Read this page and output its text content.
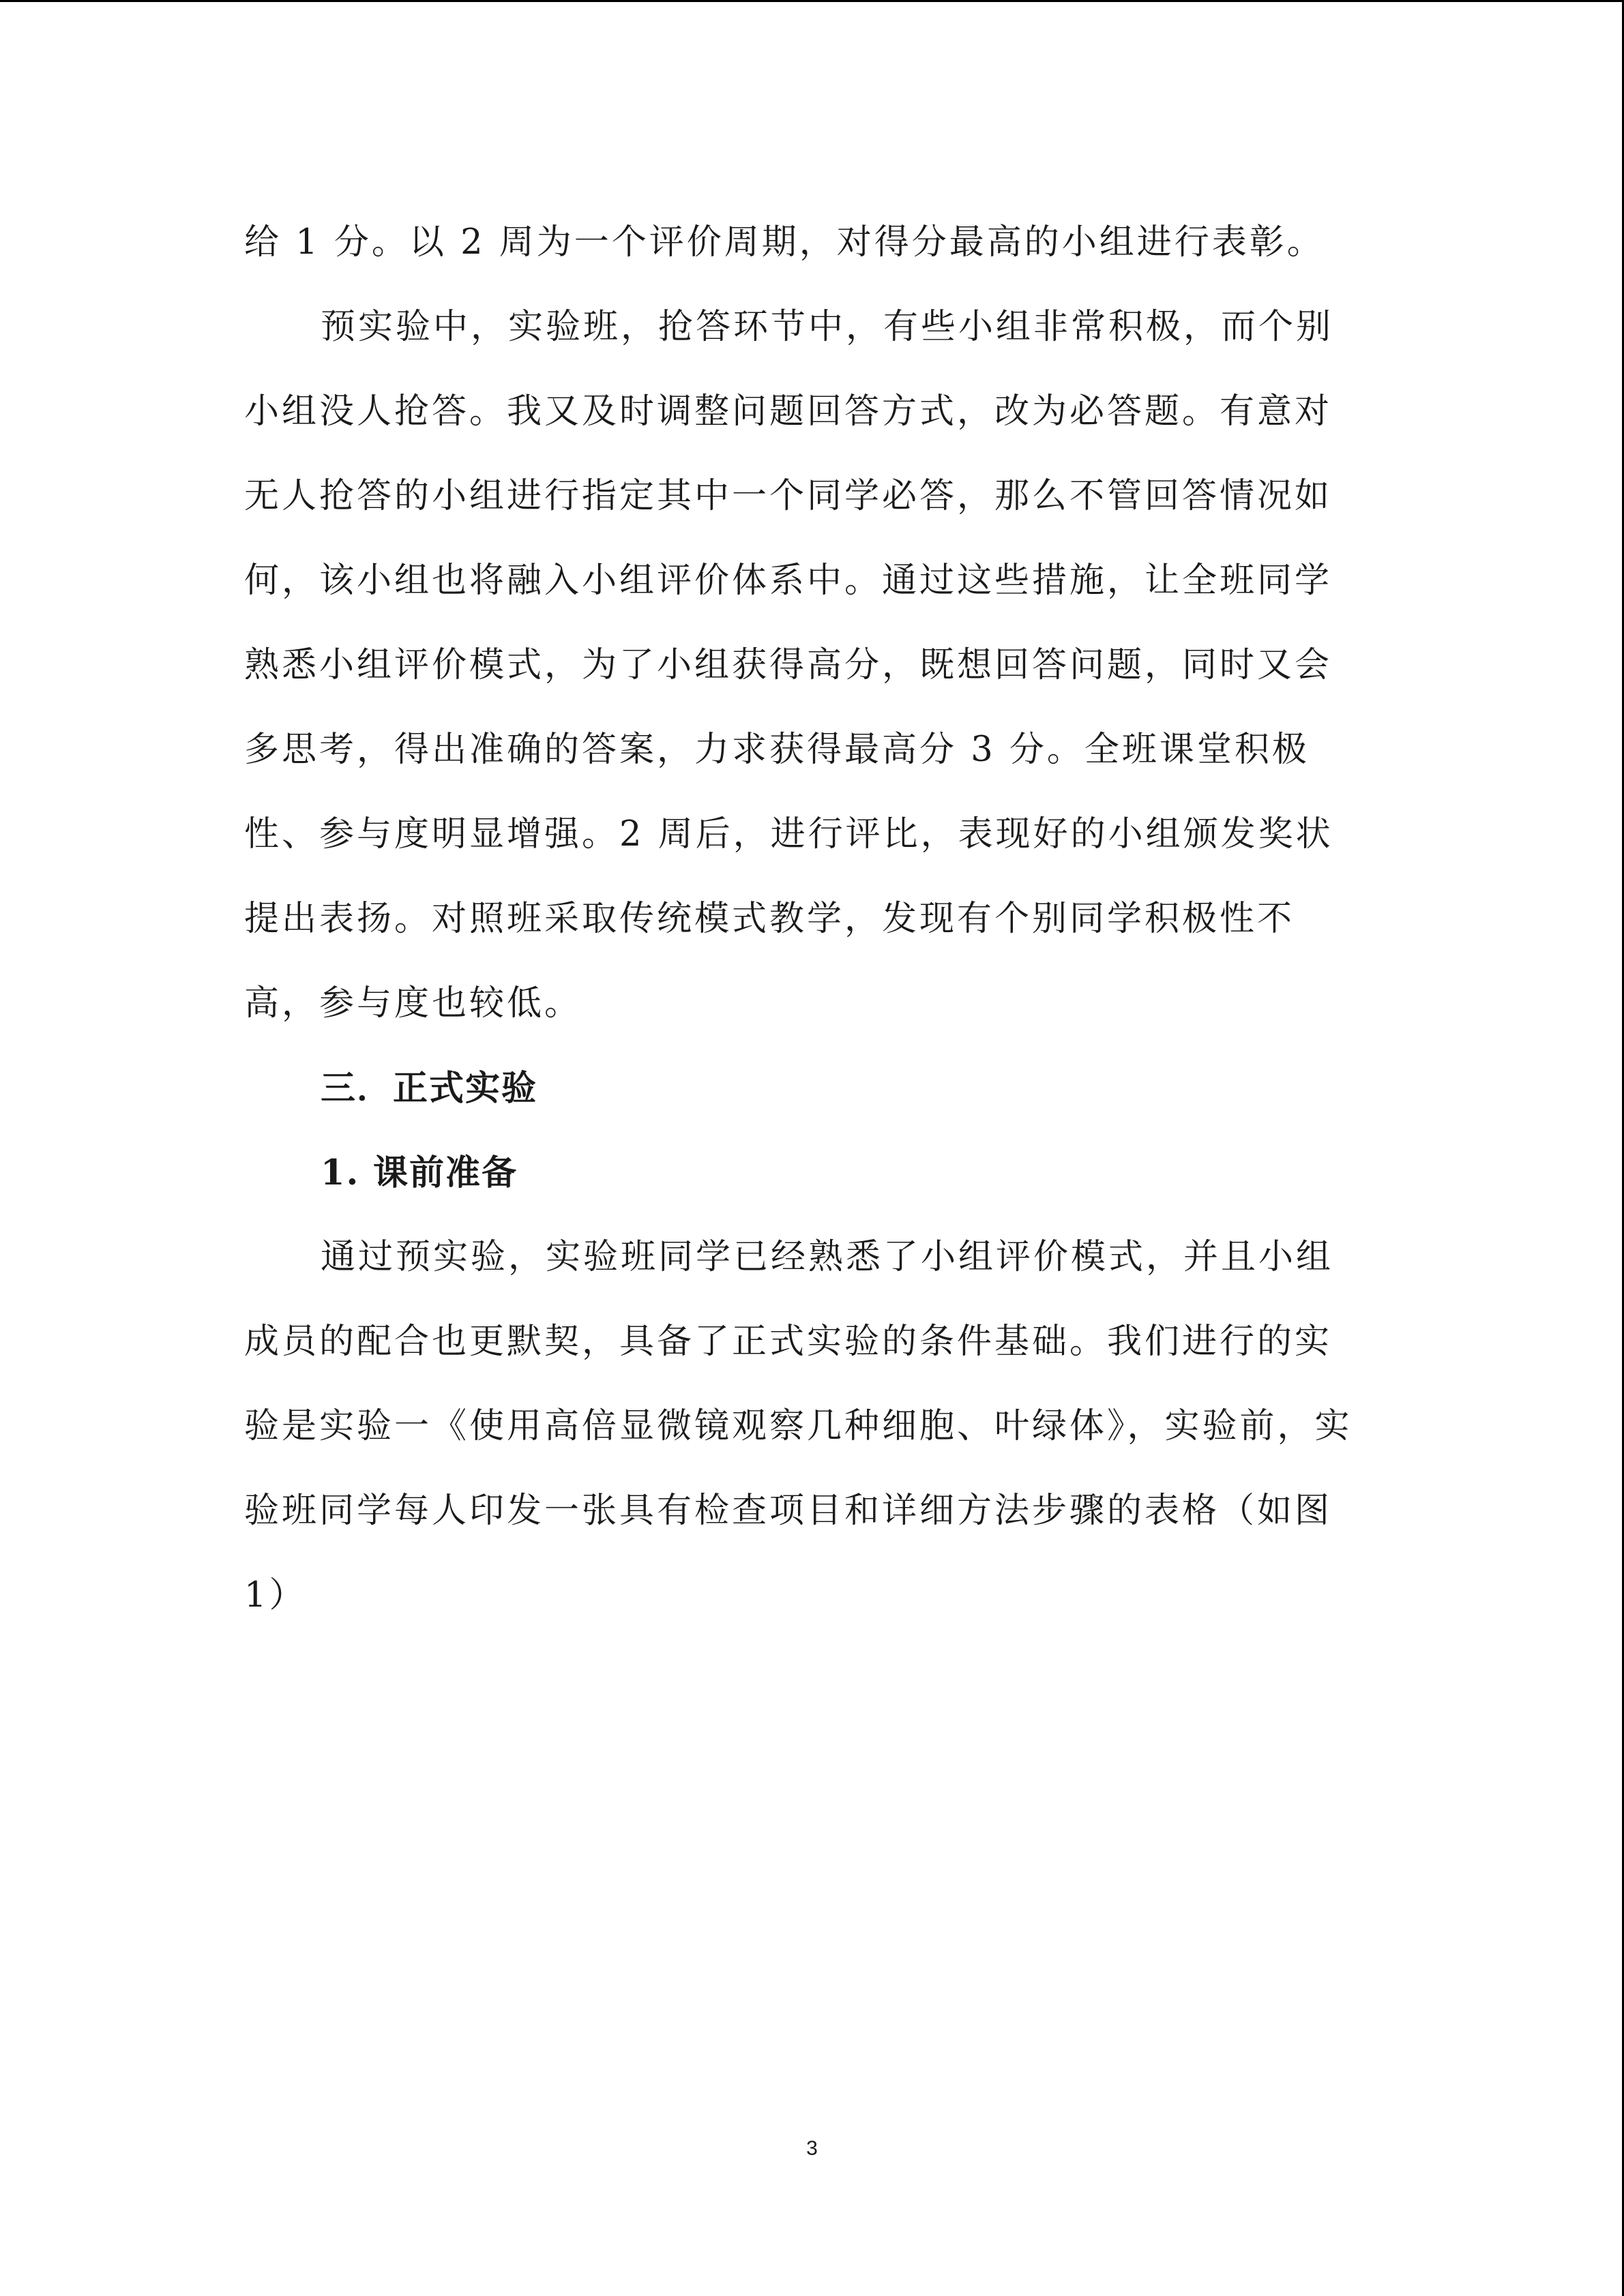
给 1 分。以 2 周为一个评价周期，对得分最高的小组进行表彰。
预实验中，实验班，抢答环节中，有些小组非常积极，而个别
小组没人抢答。我又及时调整问题回答方式，改为必答题。有意对
无人抢答的小组进行指定其中一个同学必答，那么不管回答情况如
何，该小组也将融入小组评价体系中。通过这些措施，让全班同学
熟悉小组评价模式，为了小组获得高分，既想回答问题，同时又会
多思考，得出准确的答案，力求获得最高分 3 分。全班课堂积极
性、参与度明显增强。2 周后，进行评比，表现好的小组颁发奖状
提出表扬。对照班采取传统模式教学，发现有个别同学积极性不
高，参与度也较低。
三．正式实验
1. 课前准备
通过预实验，实验班同学已经熟悉了小组评价模式，并且小组
成员的配合也更默契，具备了正式实验的条件基础。我们进行的实
验是实验一《使用高倍显微镜观察几种细胞、叶绿体》，实验前，实
验班同学每人印发一张具有检查项目和详细方法步骤的表格（如图
1）
3
